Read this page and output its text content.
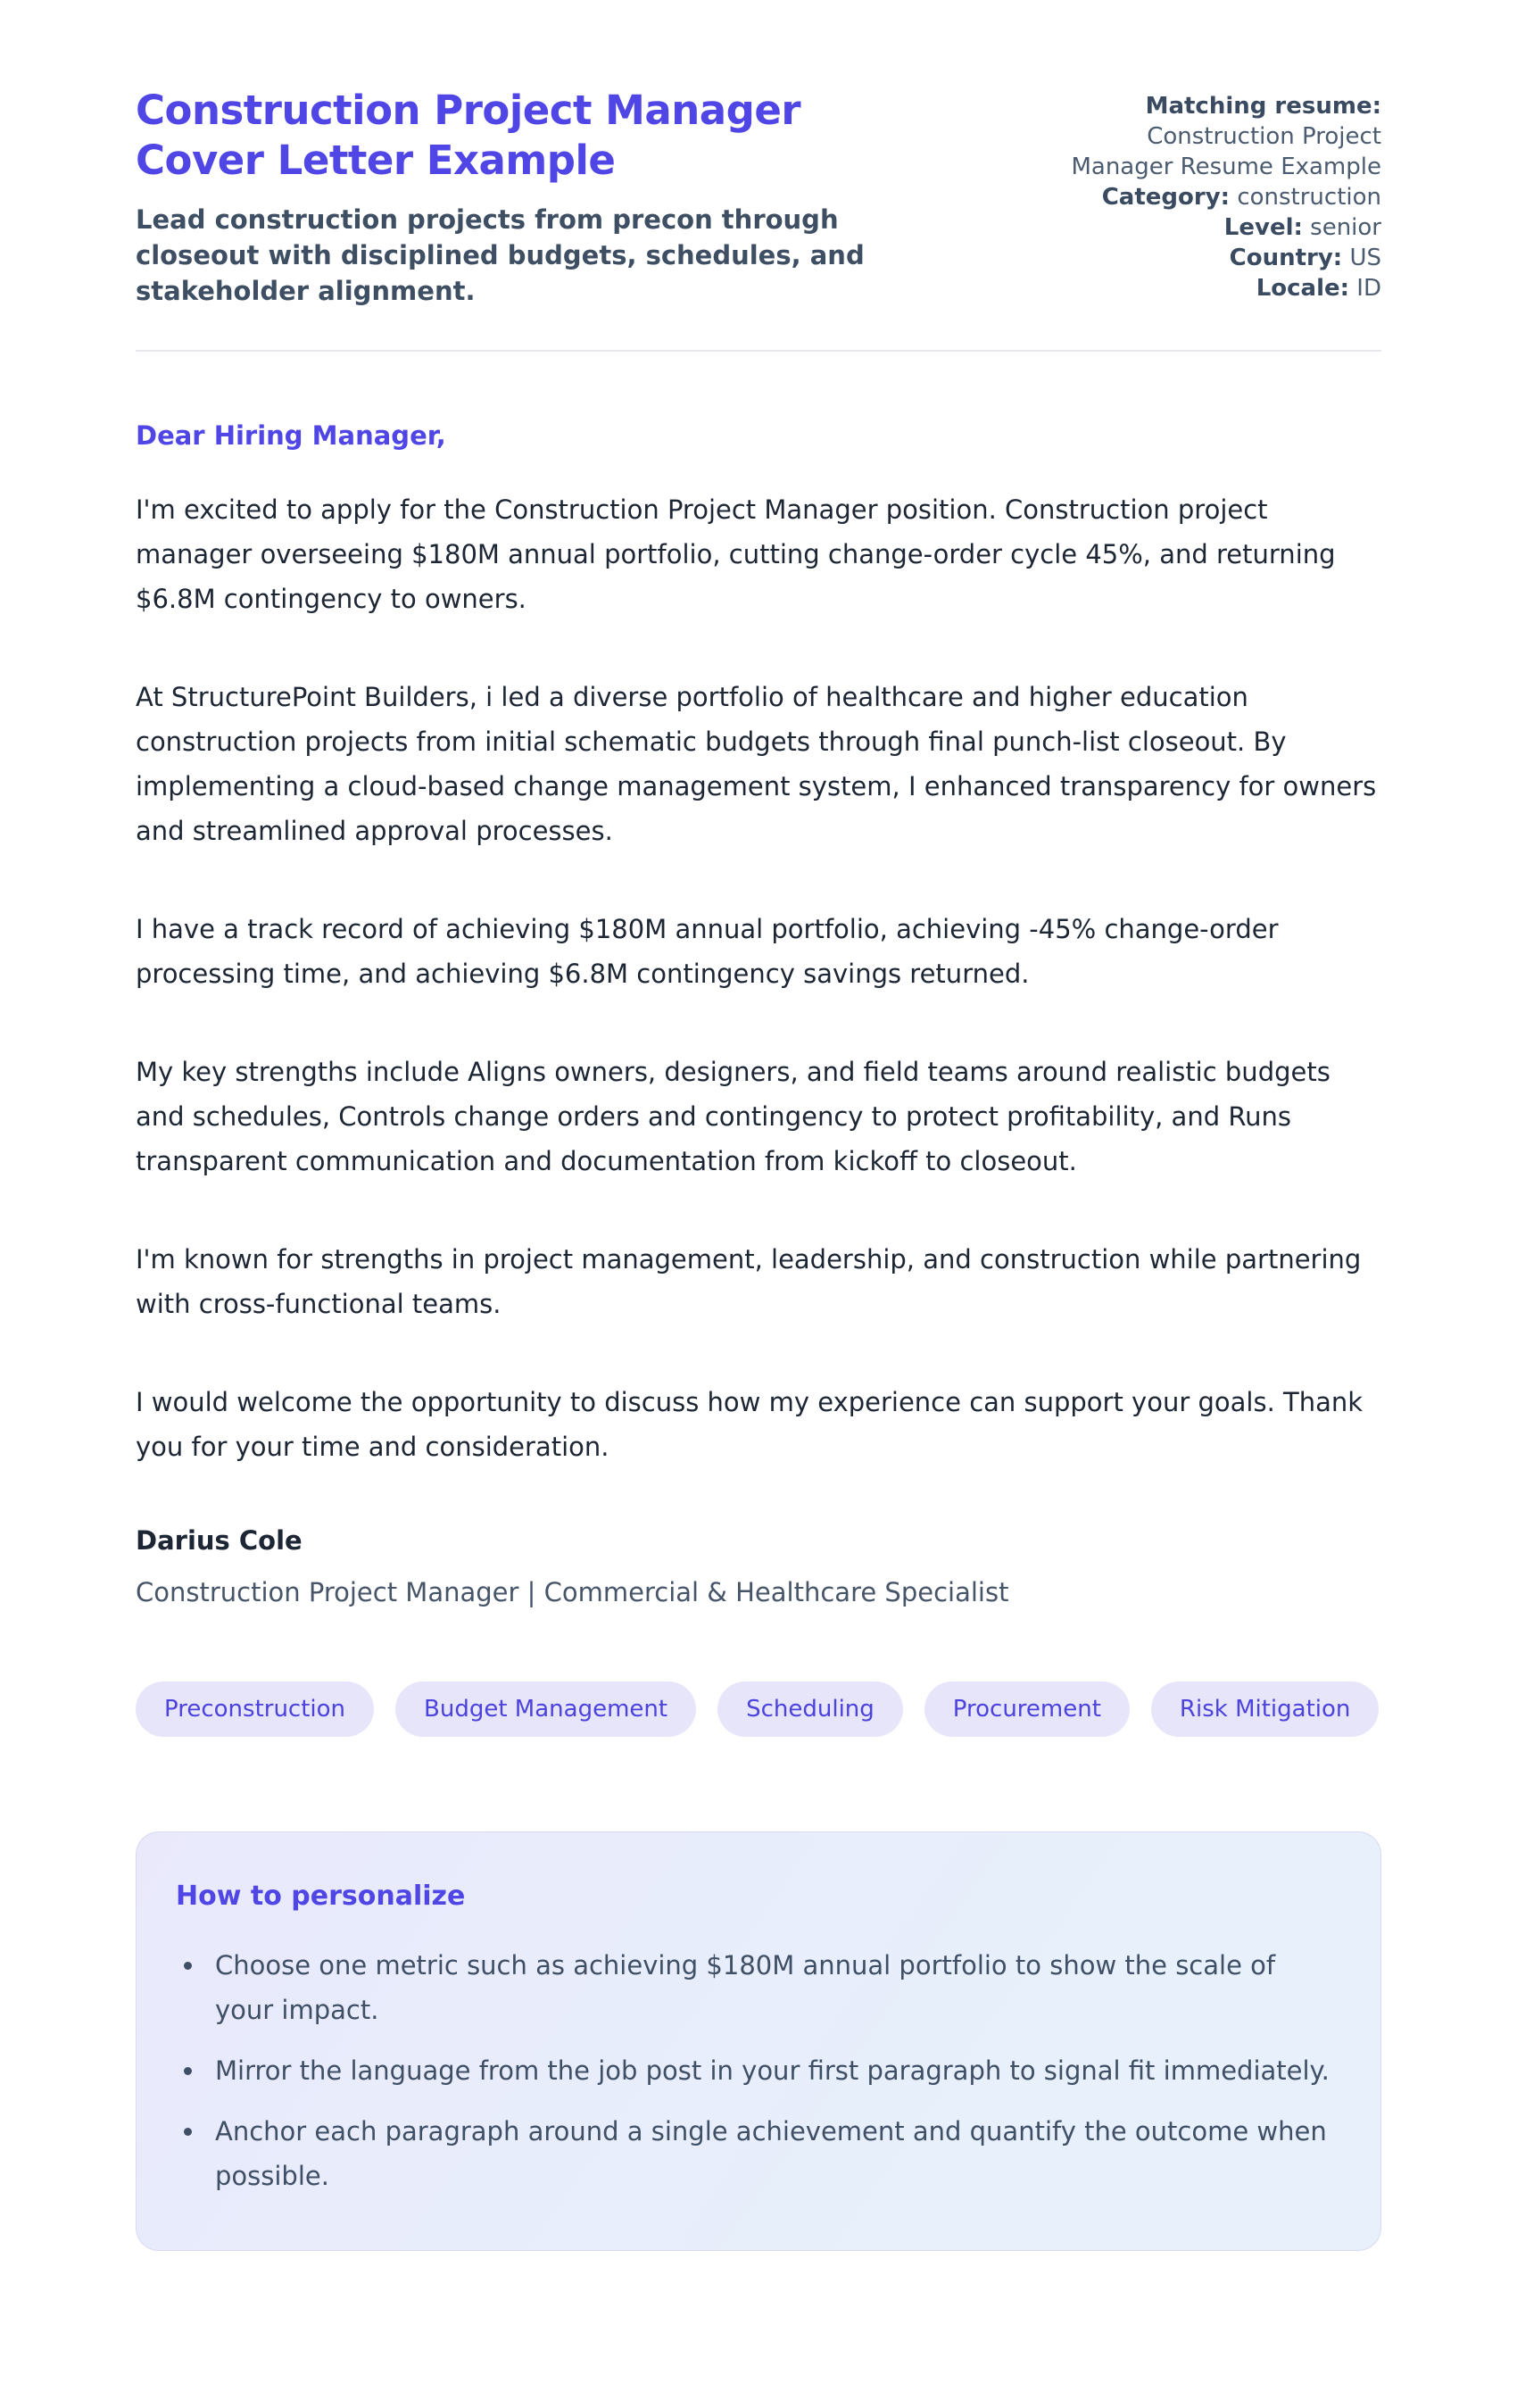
Construction Project Manager Cover Letter Example

Lead construction projects from precon through closeout with disciplined budgets, schedules, and stakeholder alignment.

Matching resume: Construction Project Manager Resume Example
Category: construction
Level: senior
Country: US
Locale: ID

Dear Hiring Manager,

I'm excited to apply for the Construction Project Manager position. Construction project manager overseeing $180M annual portfolio, cutting change-order cycle 45%, and returning $6.8M contingency to owners.

At StructurePoint Builders, i led a diverse portfolio of healthcare and higher education construction projects from initial schematic budgets through final punch-list closeout. By implementing a cloud-based change management system, I enhanced transparency for owners and streamlined approval processes.

I have a track record of achieving $180M annual portfolio, achieving -45% change-order processing time, and achieving $6.8M contingency savings returned.

My key strengths include Aligns owners, designers, and field teams around realistic budgets and schedules, Controls change orders and contingency to protect profitability, and Runs transparent communication and documentation from kickoff to closeout.

I'm known for strengths in project management, leadership, and construction while partnering with cross-functional teams.

I would welcome the opportunity to discuss how my experience can support your goals. Thank you for your time and consideration.

Darius Cole

Construction Project Manager | Commercial & Healthcare Specialist

Preconstruction	Budget Management	Scheduling	Procurement	Risk Mitigation
How to personalize
• Choose one metric such as achieving $180M annual portfolio to show the scale of your impact.
• Mirror the language from the job post in your first paragraph to signal fit immediately.
• Anchor each paragraph around a single achievement and quantify the outcome when possible.
